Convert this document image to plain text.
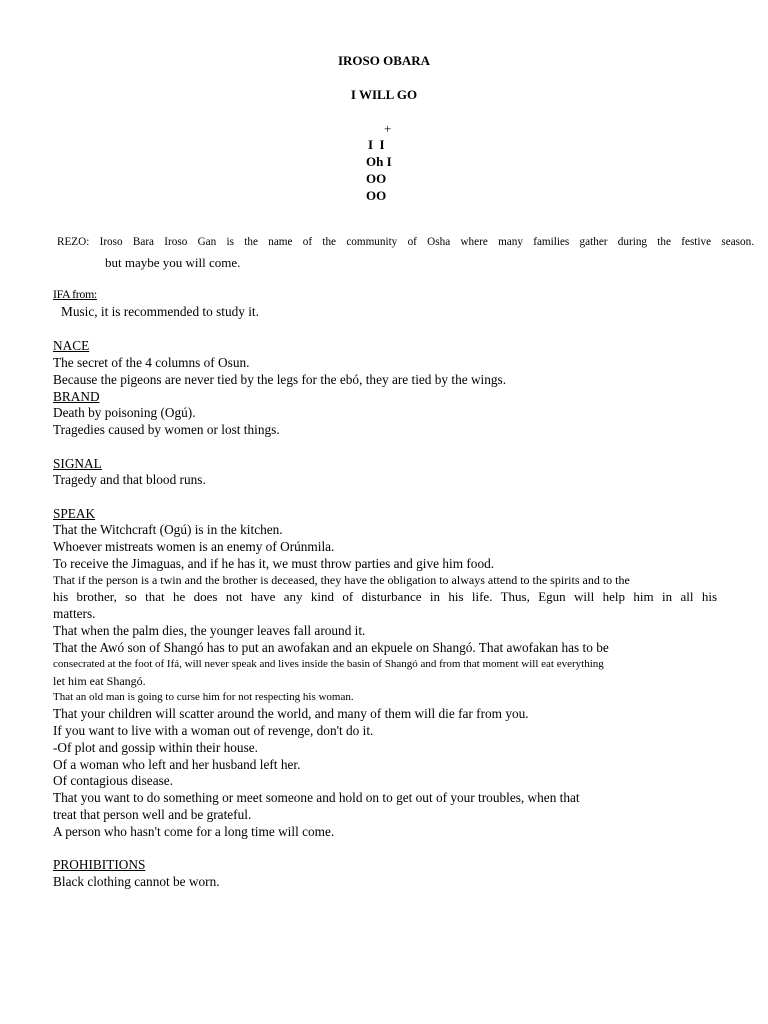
IROSO OBARA
I WILL GO
+
I  I
Oh I
OO
OO
REZO: Iroso Bara Iroso Gan is the name of the community of Osha where many families gather during the festive season.
but maybe you will come.
IFA from:
Music, it is recommended to study it.
NACE
The secret of the 4 columns of Osun.
Because the pigeons are never tied by the legs for the ebó, they are tied by the wings.
BRAND
Death by poisoning (Ogú).
Tragedies caused by women or lost things.
SIGNAL
Tragedy and that blood runs.
SPEAK
That the Witchcraft (Ogú) is in the kitchen.
Whoever mistreats women is an enemy of Orúnmila.
To receive the Jimaguas, and if he has it, we must throw parties and give him food.
That if the person is a twin and the brother is deceased, they have the obligation to always attend to the spirits and to the
his brother, so that he does not have any kind of disturbance in his life. Thus, Egun will help him in all his
matters.
That when the palm dies, the younger leaves fall around it.
That the Awó son of Shangó has to put an awofakan and an ekpuele on Shangó. That awofakan has to be
consecrated at the foot of Ifá, will never speak and lives inside the basin of Shangó and from that moment will eat everything
let him eat Shangó.
That an old man is going to curse him for not respecting his woman.
That your children will scatter around the world, and many of them will die far from you.
If you want to live with a woman out of revenge, don't do it.
-Of plot and gossip within their house.
Of a woman who left and her husband left her.
Of contagious disease.
That you want to do something or meet someone and hold on to get out of your troubles, when that
treat that person well and be grateful.
A person who hasn't come for a long time will come.
PROHIBITIONS
Black clothing cannot be worn.
